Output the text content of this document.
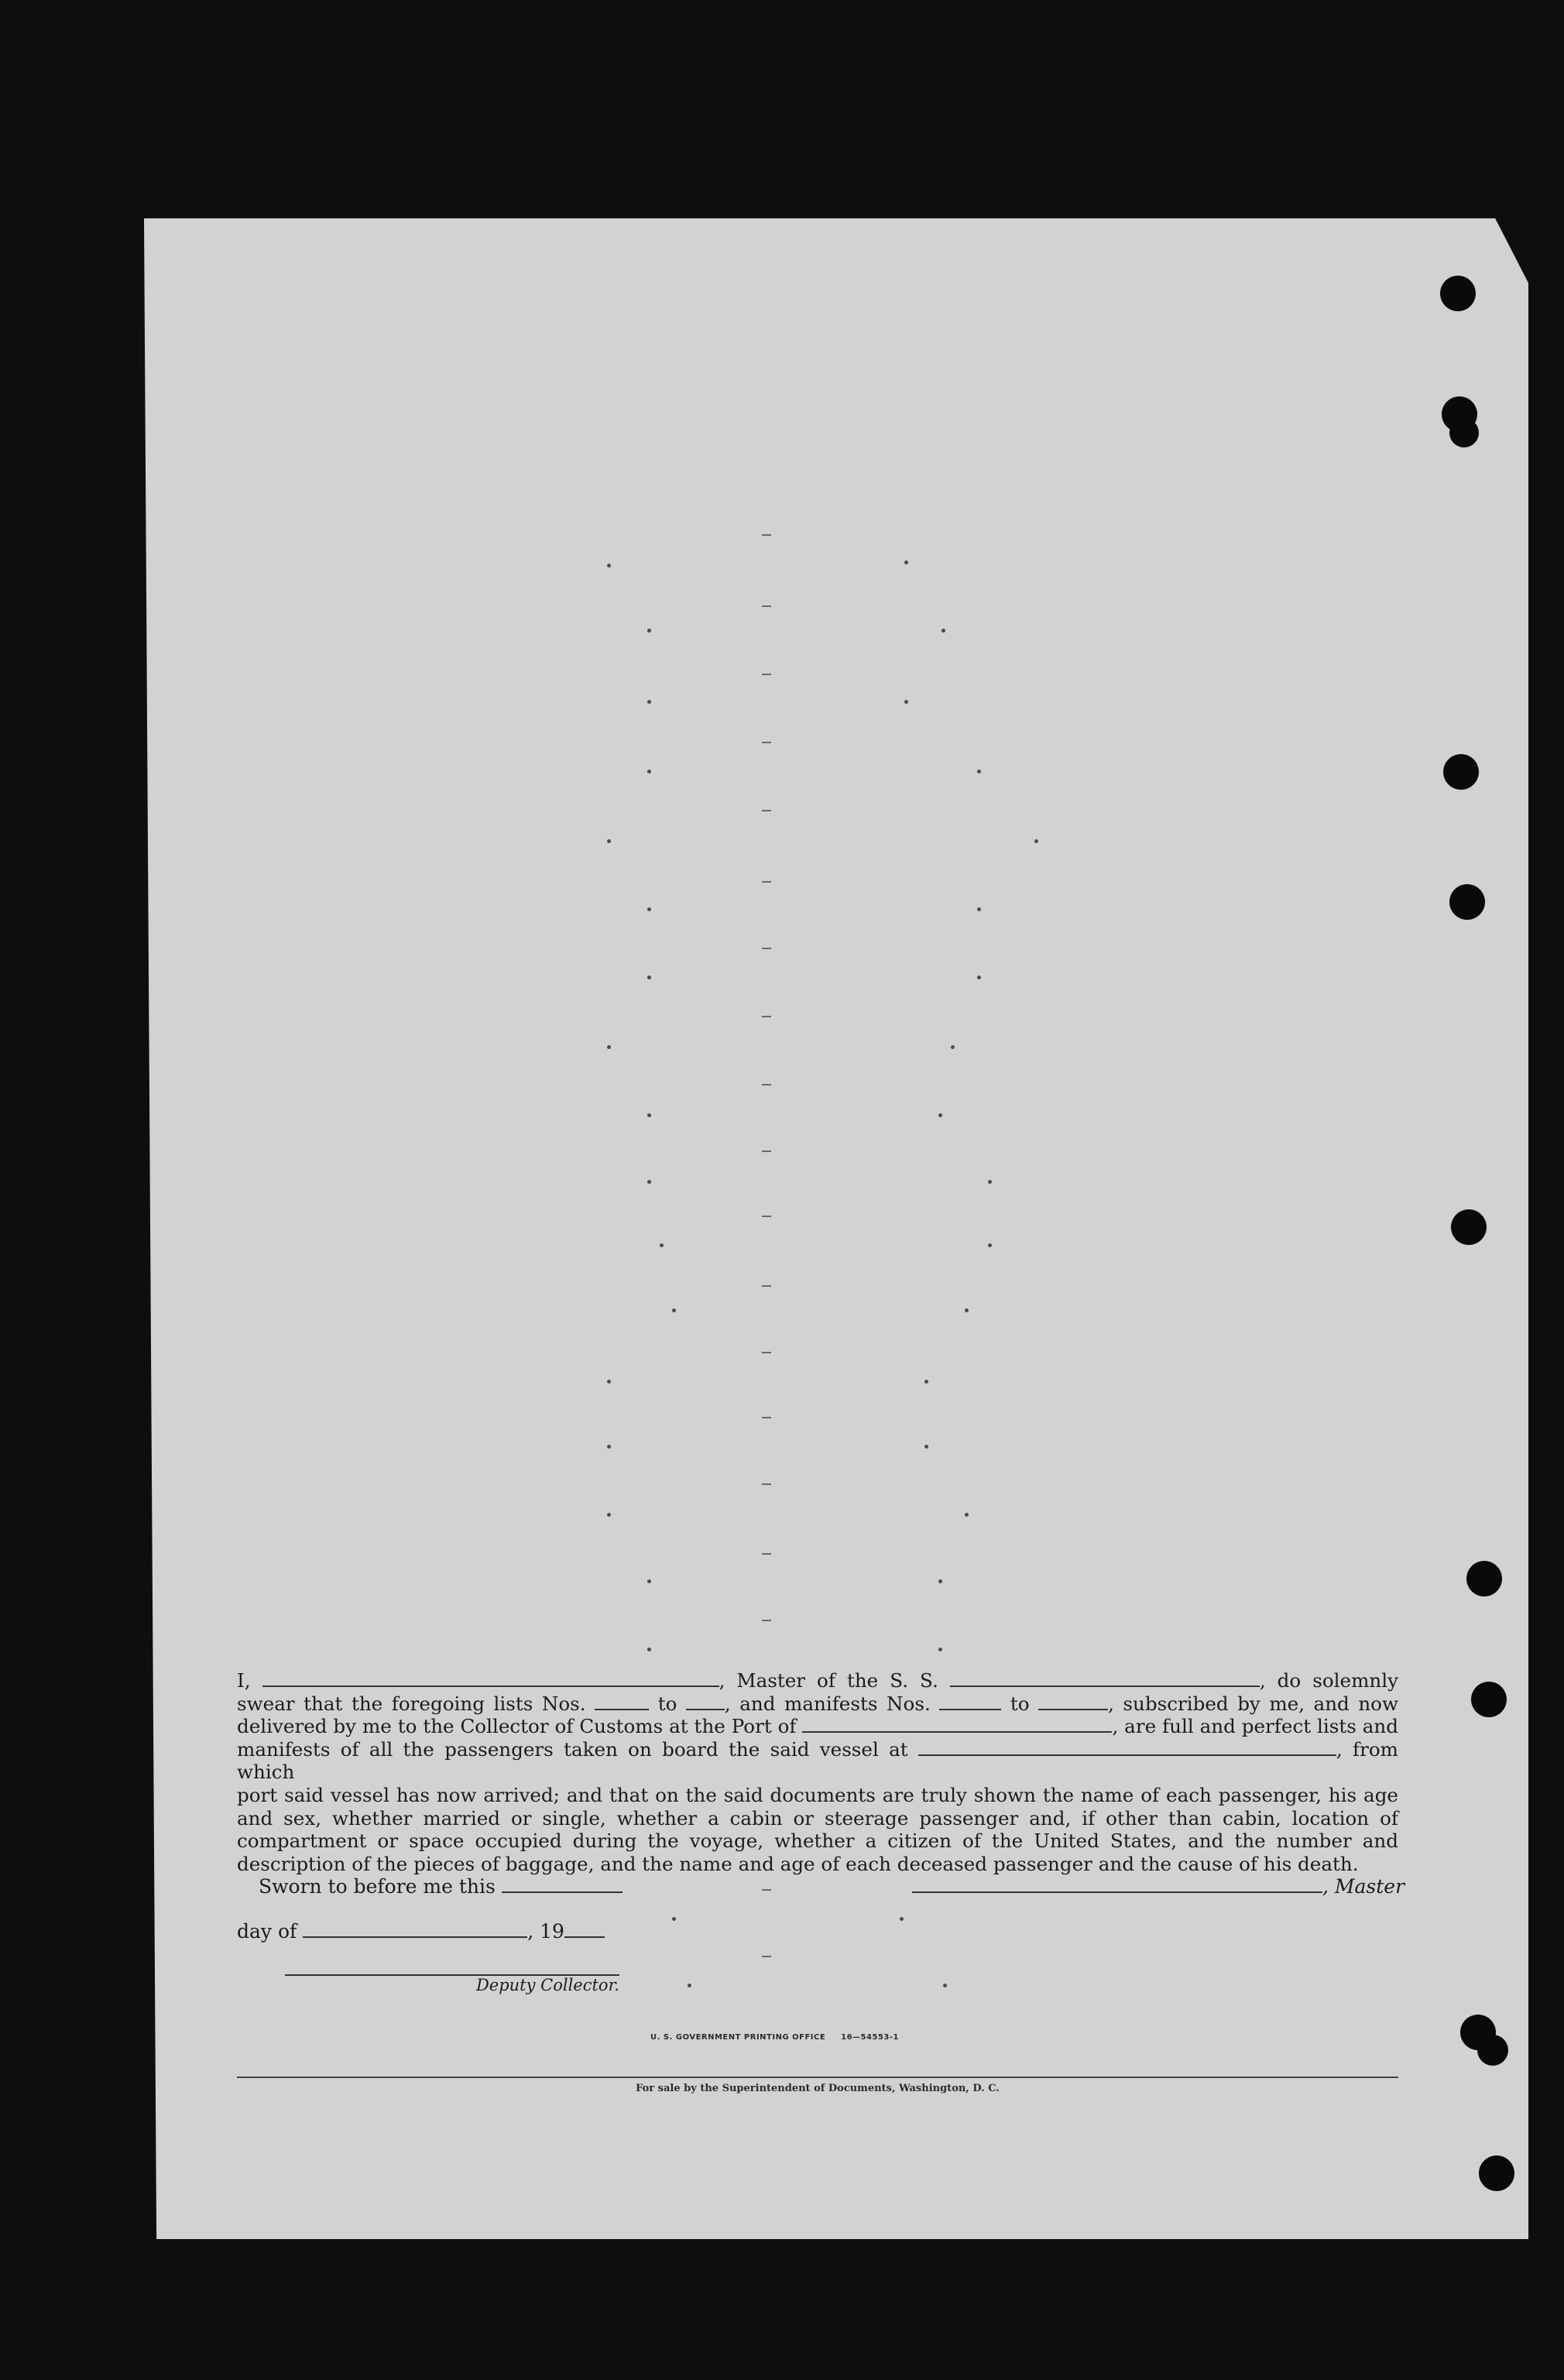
I,	, Master of the S. S.	, do solemnly
swear that the foregoing lists Nos.	to	, and manifests Nos.	to	, subscribed by me, and now
delivered by me to the Collector of Customs at the Port of	, are full and perfect lists and
manifests of all the passengers taken on board the said vessel at	, from which

port said vessel has now arrived; and that on the said documents are truly shown the name of each passenger, his age and sex, whether married or single, whether a cabin or steerage passenger and, if other than cabin, location of compartment or space occupied during the voyage, whether a citizen of the United States, and the number and description of the pieces of baggage, and the name and age of each deceased passenger and the cause of his death.

Sworn to before me this	, Master
day of	, 19
Deputy Collector.
U. S. GOVERNMENT PRINTING OFFICE 16—54553-1
For sale by the Superintendent of Documents, Washington, D. C.
